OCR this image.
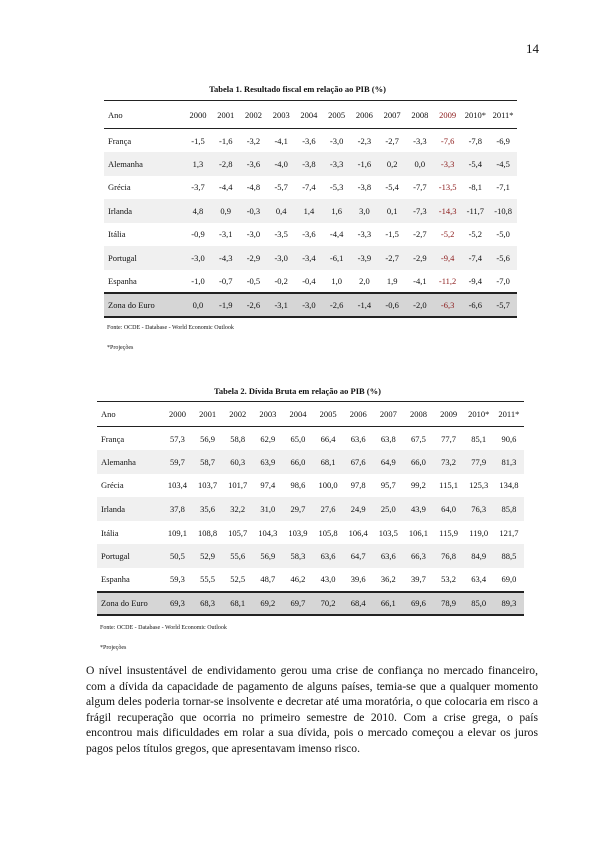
14
Tabela 1. Resultado fiscal em relação ao PIB (%)
Ano	2000	2001	2002	2003	2004	2005	2006	2007	2008	2009	2010*	2011*
França	-1,5	-1,6	-3,2	-4,1	-3,6	-3,0	-2,3	-2,7	-3,3	-7,6	-7,8	-6,9
Alemanha	1,3	-2,8	-3,6	-4,0	-3,8	-3,3	-1,6	0,2	0,0	-3,3	-5,4	-4,5
Grécia	-3,7	-4,4	-4,8	-5,7	-7,4	-5,3	-3,8	-5,4	-7,7	-13,5	-8,1	-7,1
Irlanda	4,8	0,9	-0,3	0,4	1,4	1,6	3,0	0,1	-7,3	-14,3	-11,7	-10,8
Itália	-0,9	-3,1	-3,0	-3,5	-3,6	-4,4	-3,3	-1,5	-2,7	-5,2	-5,2	-5,0
Portugal	-3,0	-4,3	-2,9	-3,0	-3,4	-6,1	-3,9	-2,7	-2,9	-9,4	-7,4	-5,6
Espanha	-1,0	-0,7	-0,5	-0,2	-0,4	1,0	2,0	1,9	-4,1	-11,2	-9,4	-7,0
Zona do Euro	0,0	-1,9	-2,6	-3,1	-3,0	-2,6	-1,4	-0,6	-2,0	-6,3	-6,6	-5,7
Fonte: OCDE - Database - World Economic Outlook
*Projeções
Tabela 2. Dívida Bruta em relação ao PIB (%)
Ano	2000	2001	2002	2003	2004	2005	2006	2007	2008	2009	2010*	2011*
França	57,3	56,9	58,8	62,9	65,0	66,4	63,6	63,8	67,5	77,7	85,1	90,6
Alemanha	59,7	58,7	60,3	63,9	66,0	68,1	67,6	64,9	66,0	73,2	77,9	81,3
Grécia	103,4	103,7	101,7	97,4	98,6	100,0	97,8	95,7	99,2	115,1	125,3	134,8
Irlanda	37,8	35,6	32,2	31,0	29,7	27,6	24,9	25,0	43,9	64,0	76,3	85,8
Itália	109,1	108,8	105,7	104,3	103,9	105,8	106,4	103,5	106,1	115,9	119,0	121,7
Portugal	50,5	52,9	55,6	56,9	58,3	63,6	64,7	63,6	66,3	76,8	84,9	88,5
Espanha	59,3	55,5	52,5	48,7	46,2	43,0	39,6	36,2	39,7	53,2	63,4	69,0
Zona do Euro	69,3	68,3	68,1	69,2	69,7	70,2	68,4	66,1	69,6	78,9	85,0	89,3
Fonte: OCDE - Database - World Economic Outlook
*Projeções

O nível insustentável de endividamento gerou uma crise de confiança no mercado financeiro, com a dívida da capacidade de pagamento de alguns países, temia-se que a qualquer momento algum deles poderia tornar-se insolvente e decretar até uma moratória, o que colocaria em risco a frágil recuperação que ocorria no primeiro semestre de 2010. Com a crise grega, o país encontrou mais dificuldades em rolar a sua dívida, pois o mercado começou a elevar os juros pagos pelos títulos gregos, que apresentavam imenso risco.
